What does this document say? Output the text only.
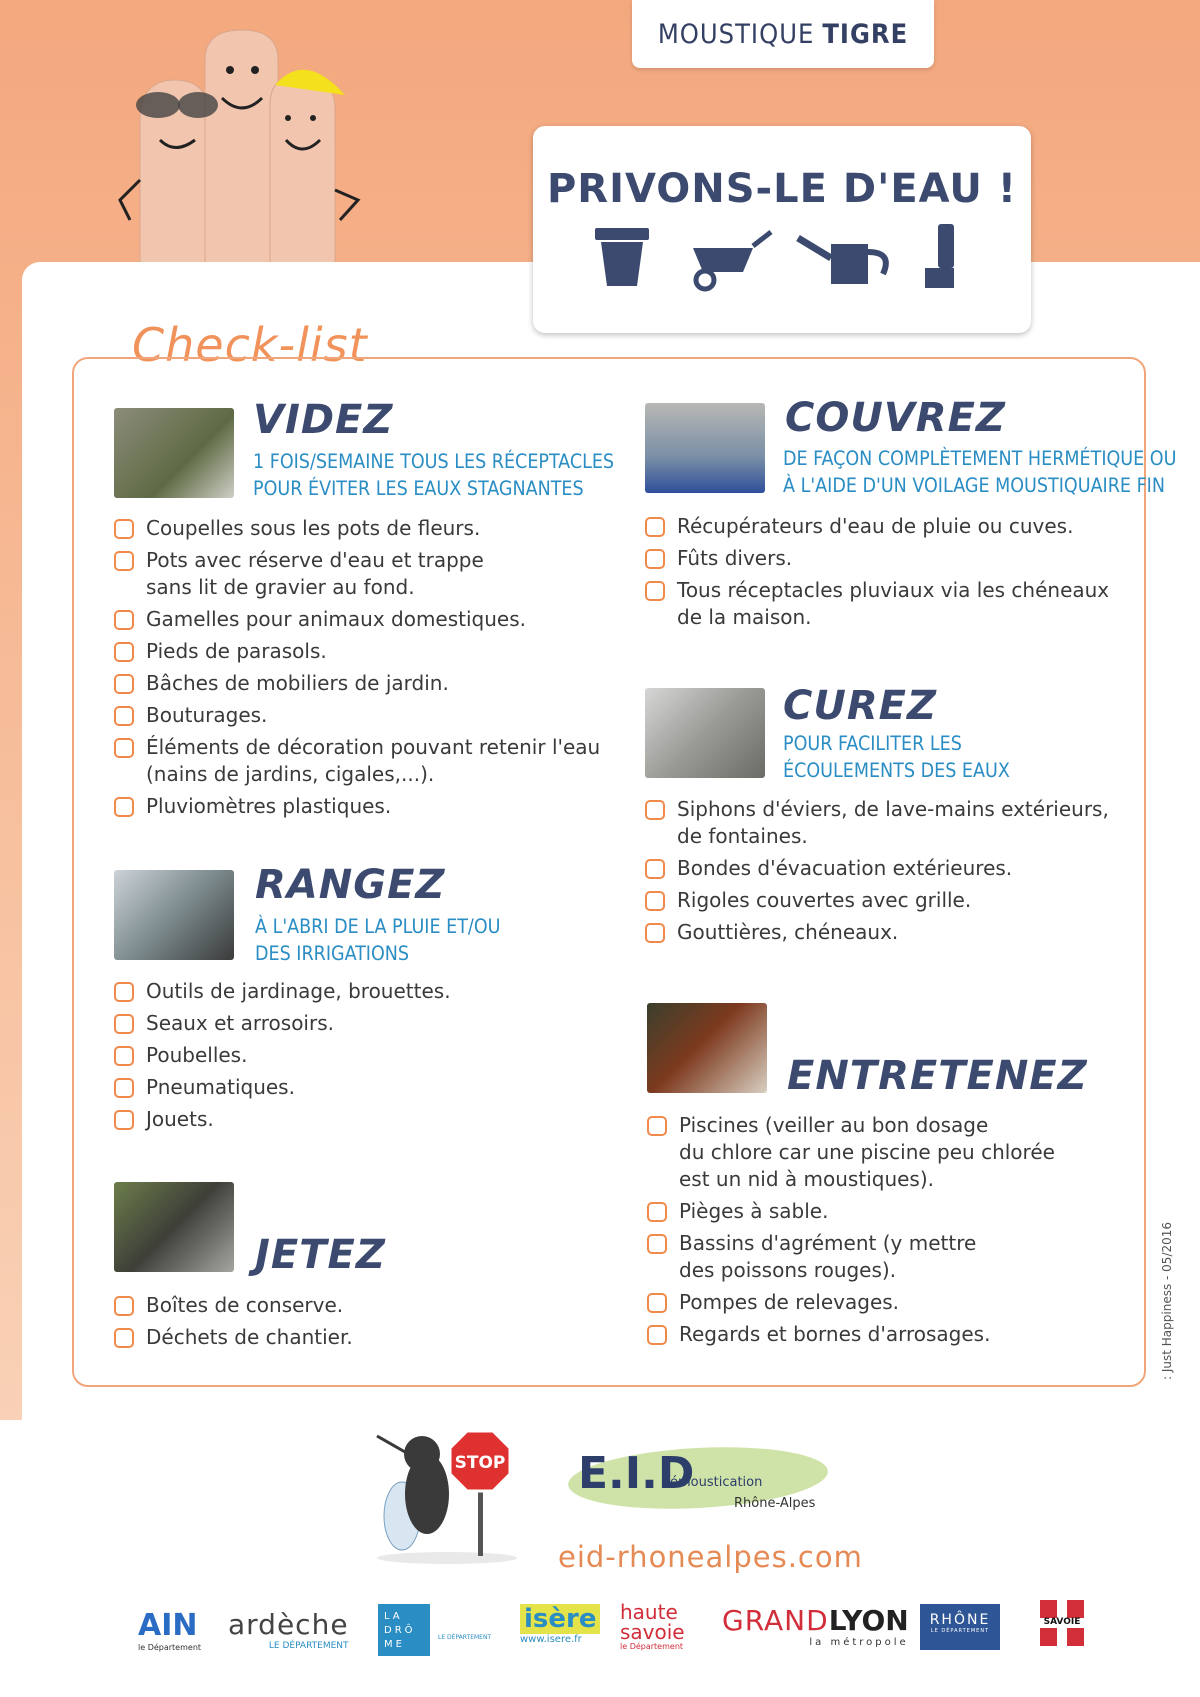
MOUSTIQUE TIGRE
PRIVONS-LE D'EAU !
Check-list
VIDEZ
1 FOIS/SEMAINE TOUS LES RÉCEPTACLES
POUR ÉVITER LES EAUX STAGNANTES
Coupelles sous les pots de fleurs.
Pots avec réserve d'eau et trappe
sans lit de gravier au fond.
Gamelles pour animaux domestiques.
Pieds de parasols.
Bâches de mobiliers de jardin.
Bouturages.
Éléments de décoration pouvant retenir l'eau
(nains de jardins, cigales,...).
Pluviomètres plastiques.
RANGEZ
À L'ABRI DE LA PLUIE ET/OU
DES IRRIGATIONS
Outils de jardinage, brouettes.
Seaux et arrosoirs.
Poubelles.
Pneumatiques.
Jouets.
JETEZ
Boîtes de conserve.
Déchets de chantier.
COUVREZ
DE FAÇON COMPLÈTEMENT HERMÉTIQUE OU
À L'AIDE D'UN VOILAGE MOUSTIQUAIRE FIN
Récupérateurs d'eau de pluie ou cuves.
Fûts divers.
Tous réceptacles pluviaux via les chéneaux
de la maison.
CUREZ
POUR FACILITER LES
ÉCOULEMENTS DES EAUX
Siphons d'éviers, de lave-mains extérieurs,
de fontaines.
Bondes d'évacuation extérieures.
Rigoles couvertes avec grille.
Gouttières, chéneaux.
ENTRETENEZ
Piscines (veiller au bon dosage
du chlore car une piscine peu chlorée
est un nid à moustiques).
Pièges à sable.
Bassins d'agrément (y mettre
des poissons rouges).
Pompes de relevages.
Regards et bornes d'arrosages.
STOP E.I.D
émoustication
Rhône-Alpes
eid-rhonealpes.com
AIN
le Département
ardèche
LE DÉPARTEMENT
LA DRÔ ME
LE DÉPARTEMENT
isère
www.isere.fr
haute savoie
le Département
GRANDLYON
la métropole
RHÔNE
LE DÉPARTEMENT
SAVOIE
: Just Happiness - 05/2016
